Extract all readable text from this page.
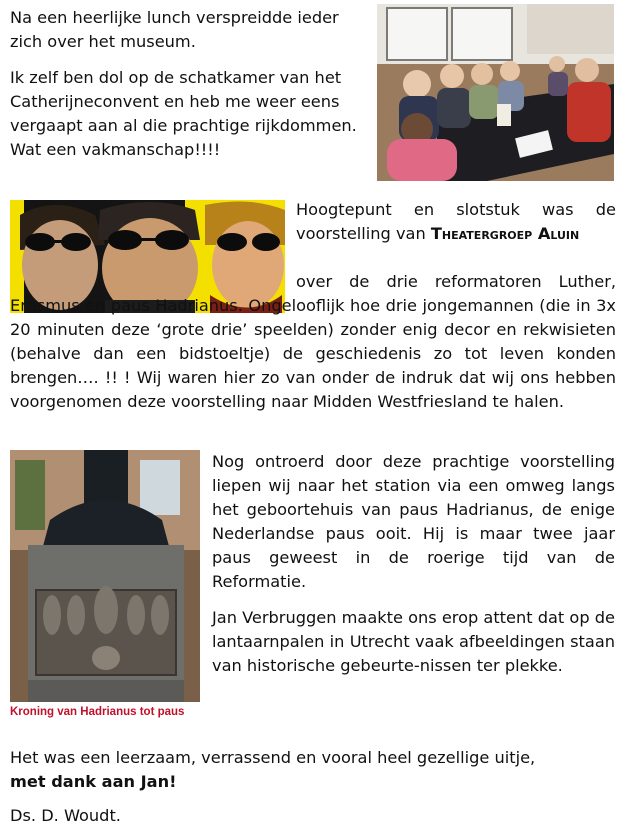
Na een heerlijke lunch verspreidde ieder zich over het museum.

Ik zelf ben dol op de schatkamer van het Catherijneconvent en heb me weer eens vergaapt aan al die prachtige rijkdommen. Wat een vakmanschap!!!!

Hoogtepunt en slotstuk was de voorstelling van Theatergroep Aluin

over de drie reformatoren Luther, Erasmus en paus Hadrianus. Ongelooflijk hoe drie jongemannen (die in 3x 20 minuten deze ‘grote drie’ speelden) zonder enig decor en rekwisieten (behalve dan een bidstoeltje) de geschiedenis zo tot leven konden brengen…. !! ! Wij waren hier zo van onder de indruk dat wij ons hebben voorgenomen deze voorstelling naar Midden Westfriesland te halen.

Kroning van Hadrianus tot paus

Nog ontroerd door deze prachtige voorstelling liepen wij naar het station via een omweg langs het geboortehuis van paus Hadrianus, de enige Nederlandse paus ooit. Hij is maar twee jaar paus geweest in de roerige tijd van de Reformatie.

Jan Verbruggen maakte ons erop attent dat op de lantaarnpalen in Utrecht vaak afbeeldingen staan van historische gebeurte-nissen ter plekke.

Het was een leerzaam, verrassend en vooral heel gezellige uitje,

met dank aan Jan!

Ds. D. Woudt.
